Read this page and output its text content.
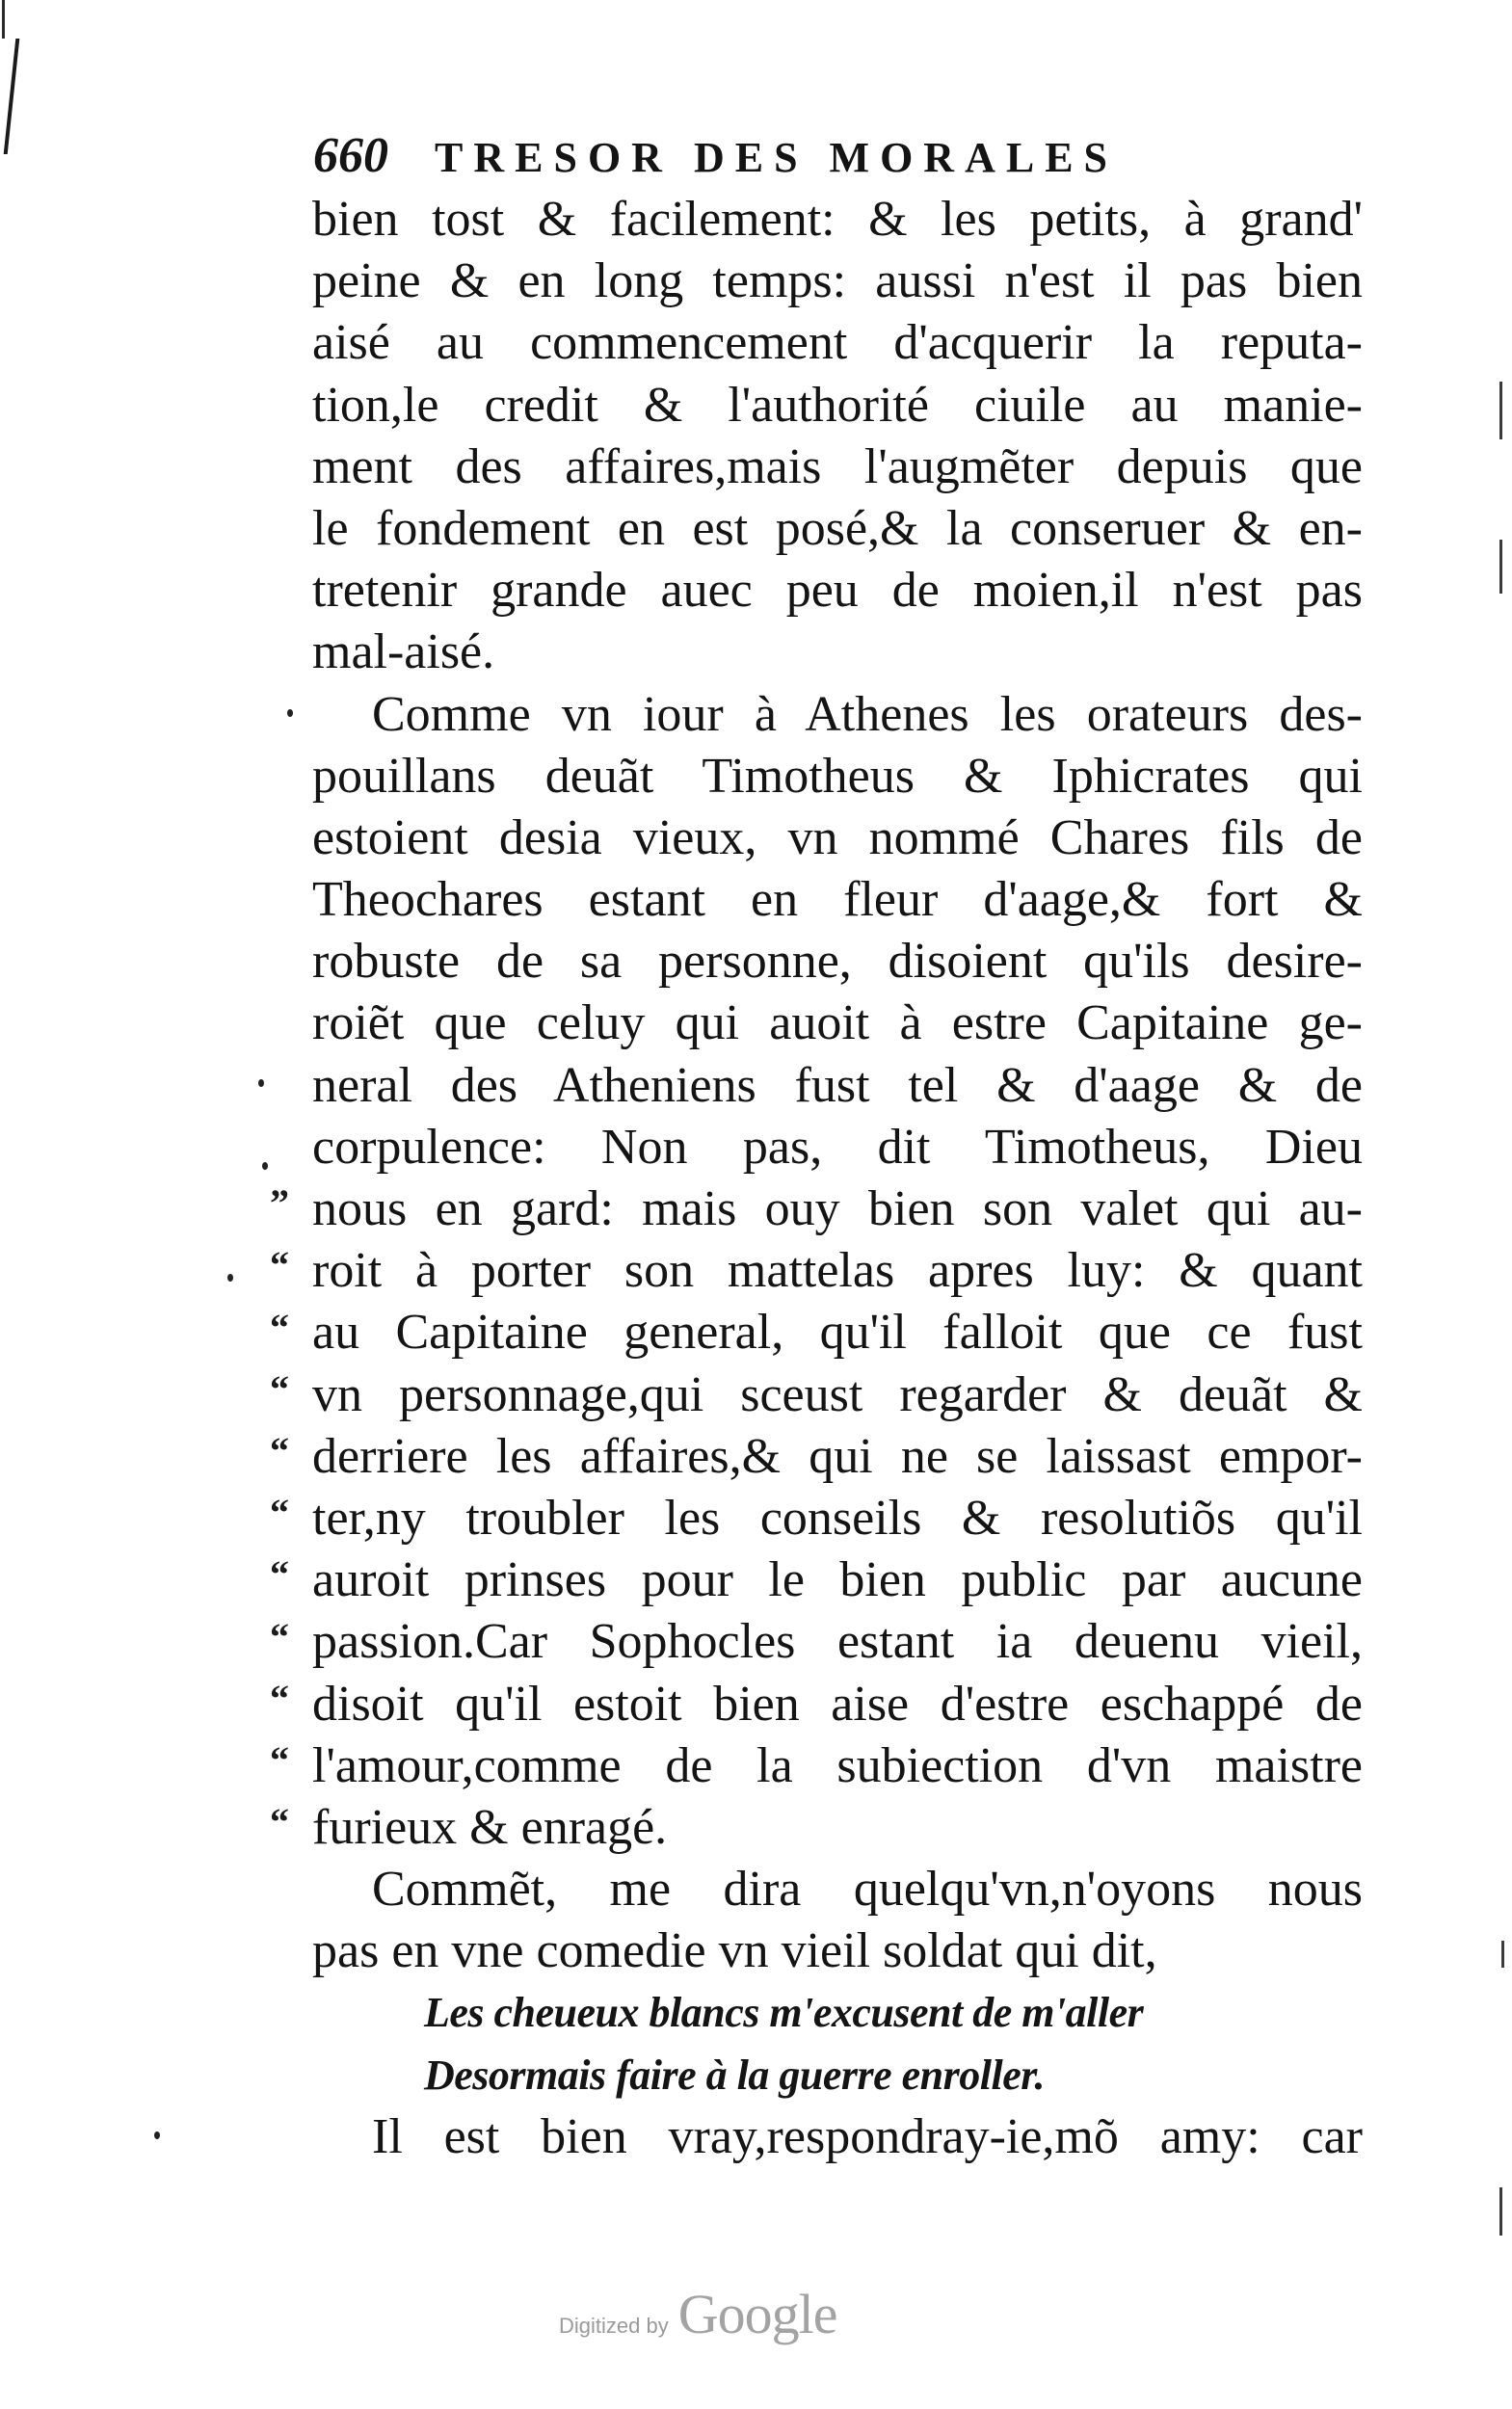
660 TRESOR DES MORALES
bien tost & facilement: & les petits, à grand'
peine & en long temps: aussi n'est il pas bien
aisé au commencement d'acquerir la reputa-
tion,le credit & l'authorité ciuile au manie-
ment des affaires,mais l'augmẽter depuis que
le fondement en est posé,& la conseruer & en-
tretenir grande auec peu de moien,il n'est pas
mal-aisé.
Comme vn iour à Athenes les orateurs des-
pouillans deuãt Timotheus & Iphicrates qui
estoient desia vieux, vn nommé Chares fils de
Theochares estant en fleur d'aage,& fort &
robuste de sa personne, disoient qu'ils desire-
roiẽt que celuy qui auoit à estre Capitaine ge-
neral des Atheniens fust tel & d'aage & de
corpulence: Non pas, dit Timotheus, Dieu
nous en gard: mais ouy bien son valet qui au-
roit à porter son mattelas apres luy: & quant
au Capitaine general, qu'il falloit que ce fust
vn personnage,qui sceust regarder & deuãt &
derriere les affaires,& qui ne se laissast empor-
ter,ny troubler les conseils & resolutiõs qu'il
auroit prinses pour le bien public par aucune
passion.Car Sophocles estant ia deuenu vieil,
disoit qu'il estoit bien aise d'estre eschappé de
l'amour,comme de la subiection d'vn maistre
furieux & enragé.
Commẽt, me dira quelqu'vn,n'oyons nous
pas en vne comedie vn vieil soldat qui dit,
Les cheueux blancs m'excusent de m'aller
Desormais faire à la guerre enroller.
Il est bien vray,respondray-ie,mõ amy: car
”
“
“
“
“
“
“
“
“
“
“
Digitized by Google
